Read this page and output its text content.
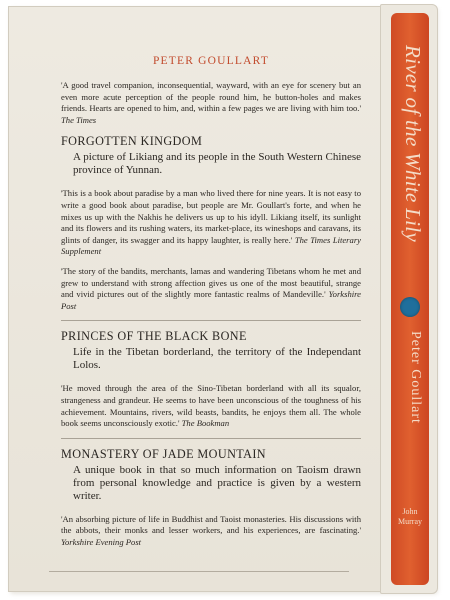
PETER GOULLART

'A good travel companion, inconsequential, wayward, with an eye for scenery but an even more acute perception of the people round him, he button-holes and makes friends. Hearts are opened to him, and, within a few pages we are living with him too.' The Times

FORGOTTEN KINGDOM
A picture of Likiang and its people in the South Western Chinese province of Yunnan.

'This is a book about paradise by a man who lived there for nine years. It is not easy to write a good book about paradise, but people are Mr. Goullart's forte, and when he mixes us up with the Nakhis he delivers us up to his idyll. Likiang itself, its sunlight and its flowers and its rushing waters, its market-place, its wineshops and caravans, its glints of danger, its swagger and its happy laughter, is really here.' The Times Literary Supplement

'The story of the bandits, merchants, lamas and wandering Tibetans whom he met and grew to understand with strong affection gives us one of the most beautiful, strange and vivid pictures out of the slightly more fantastic realms of Mandeville.' Yorkshire Post

PRINCES OF THE BLACK BONE
Life in the Tibetan borderland, the territory of the Independant Lolos.

'He moved through the area of the Sino-Tibetan borderland with all its squalor, strangeness and grandeur. He seems to have been unconscious of the toughness of his achievement. Mountains, rivers, wild beasts, bandits, he enjoys them all. The whole book seems unconsciously exotic.' The Bookman

MONASTERY OF JADE MOUNTAIN
A unique book in that so much information on Taoism drawn from personal knowledge and practice is given by a western writer.

'An absorbing picture of life in Buddhist and Taoist monasteries. His discussions with the abbots, their monks and lesser workers, and his experiences, are fascinating.' Yorkshire Evening Post

River of the White Lily
Peter Goullart
John
Murray
